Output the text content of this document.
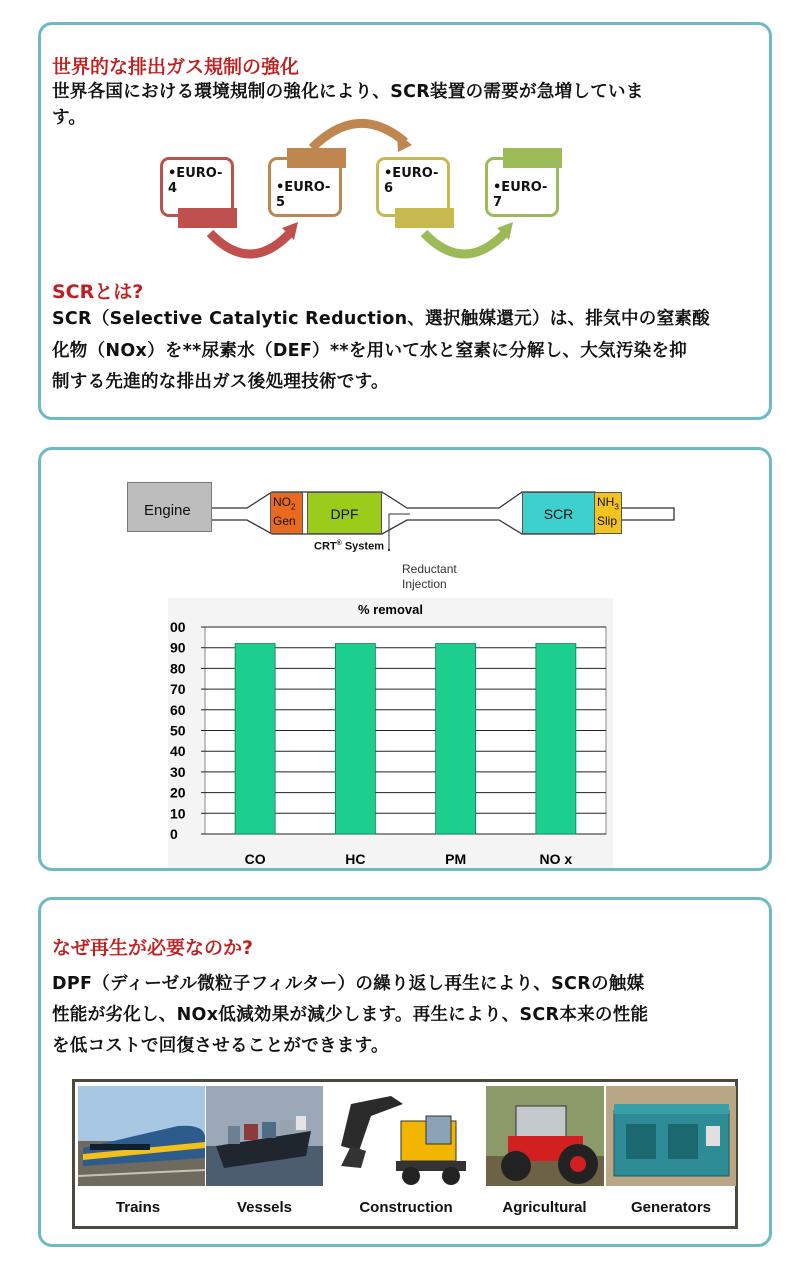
世界的な排出ガス規制の強化
世界各国における環境規制の強化により、SCR装置の需要が急増していま
す。
•EURO-4	•EURO-5
•EURO-6	•EURO-7
SCRとは?
SCR（Selective Catalytic Reduction、選択触媒還元）は、排気中の窒素酸
化物（NOx）を**尿素水（DEF）**を用いて水と窒素に分解し、大気汚染を抑
制する先進的な排出ガス後処理技術です。
Engine	$NO_2$
Gen	DPF
CRT® System
Reductant
Injection
SCR
$NH_3$
Slip
% removal
00
90
80
70
60
50
40
30
20
10
0
CO	HC	PM	NO x
なぜ再生が必要なのか?
DPF（ディーゼル微粒子フィルター）の繰り返し再生により、SCRの触媒
性能が劣化し、NOx低減効果が減少します。再生により、SCR本来の性能
を低コストで回復させることができます。
Trains	Vessels	Construction	Agricultural	Generators
